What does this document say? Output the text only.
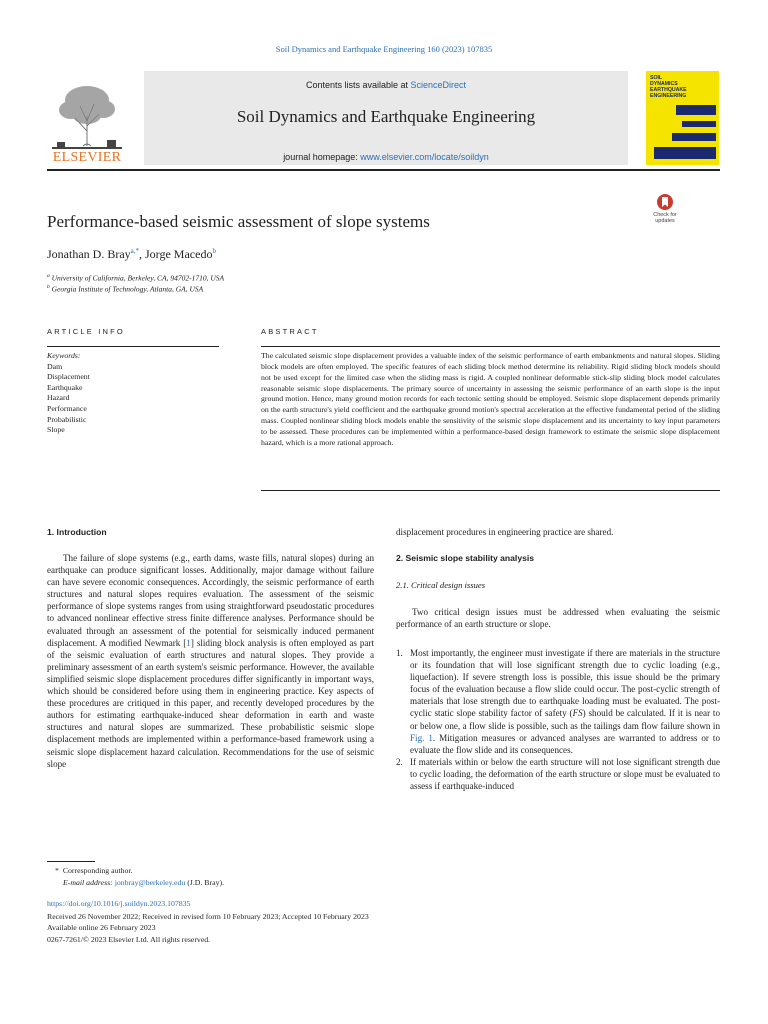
Soil Dynamics and Earthquake Engineering 160 (2023) 107835
Contents lists available at ScienceDirect
Soil Dynamics and Earthquake Engineering
journal homepage: www.elsevier.com/locate/soildyn
ELSEVIER
SOIL
DYNAMICS
EARTHQUAKE
ENGINEERING
Performance-based seismic assessment of slope systems	Check for
updates
Jonathan D. Bray$^{a,*}$, Jorge Macedo$^b$
$^a$ University of California, Berkeley, CA, 94702-1710, USA
$^b$ Georgia Institute of Technology, Atlanta, GA, USA
ARTICLE INFO	ABSTRACT
Keywords:
Dam
Displacement
Earthquake
Hazard
Performance
Probabilistic
Slope
The calculated seismic slope displacement provides a valuable index of the seismic performance of earth embankments and natural slopes. Sliding block models are often employed. The specific features of each sliding block method determine its reliability. Rigid sliding block models should not be used except for the limited case when the sliding mass is rigid. A coupled nonlinear deformable stick-slip sliding block model calculates reasonable seismic slope displacements. The primary source of uncertainty in assessing the seismic performance of an earth slope is the input ground motion. Hence, many ground motion records for each tectonic setting should be employed. Seismic slope displacement depends primarily on the earth structure's yield coefficient and the earthquake ground motion's spectral acceleration at the effective fundamental period of the sliding mass. Coupled nonlinear sliding block models enable the sensitivity of the seismic slope displacement and its uncertainty to key input parameters to be assessed. These procedures can be implemented within a performance-based design framework to estimate the seismic slope displacement hazard, which is a more rational approach.
1. Introduction
The failure of slope systems (e.g., earth dams, waste fills, natural slopes) during an earthquake can produce significant losses. Additionally, major damage without failure can have severe economic consequences. Accordingly, the seismic performance of earth structures and natural slopes requires evaluation. The assessment of the seismic performance of slope systems ranges from using straightforward pseudostatic procedures to advanced nonlinear effective stress finite difference analyses. Performance should be evaluated through an assessment of the potential for seismically induced permanent displacement. A modified Newmark [1] sliding block analysis is often employed as part of the seismic evaluation of earth structures and natural slopes. They provide a preliminary assessment of an earth system's seismic performance. However, the available simplified seismic slope displacement procedures differ significantly in important ways, which should be considered before using them in engineering practice. Key aspects of these procedures are critiqued in this paper, and recently developed procedures by the authors for estimating earthquake-induced shear deformation in earth and waste structures and natural slopes are summarized. These probabilistic seismic slope displacement methods are implemented within a performance-based framework using a seismic slope displacement hazard calculation. Recommendations for the use of seismic slope
displacement procedures in engineering practice are shared.
2. Seismic slope stability analysis
2.1. Critical design issues
Two critical design issues must be addressed when evaluating the seismic performance of an earth structure or slope.
1. Most importantly, the engineer must investigate if there are materials in the structure or its foundation that will lose significant strength due to cyclic loading (e.g., liquefaction). If severe strength loss is possible, this issue should be the primary focus of the evaluation because a flow slide could occur. The post-cyclic strength of materials that lose strength due to earthquake loading must be evaluated. The post-cyclic static slope stability factor of safety (FS) should be calculated. If it is near to or below one, a flow slide is possible, such as the tailings dam flow failure shown in Fig. 1. Mitigation measures or advanced analyses are warranted to address or to evaluate the flow slide and its consequences.
2. If materials within or below the earth structure will not lose significant strength due to cyclic loading, the deformation of the earth structure or slope must be evaluated to assess if earthquake-induced
* Corresponding author.
E-mail address: jonbray@berkeley.edu (J.D. Bray).
https://doi.org/10.1016/j.soildyn.2023.107835
Received 26 November 2022; Received in revised form 10 February 2023; Accepted 10 February 2023
Available online 26 February 2023
0267-7261/© 2023 Elsevier Ltd. All rights reserved.
